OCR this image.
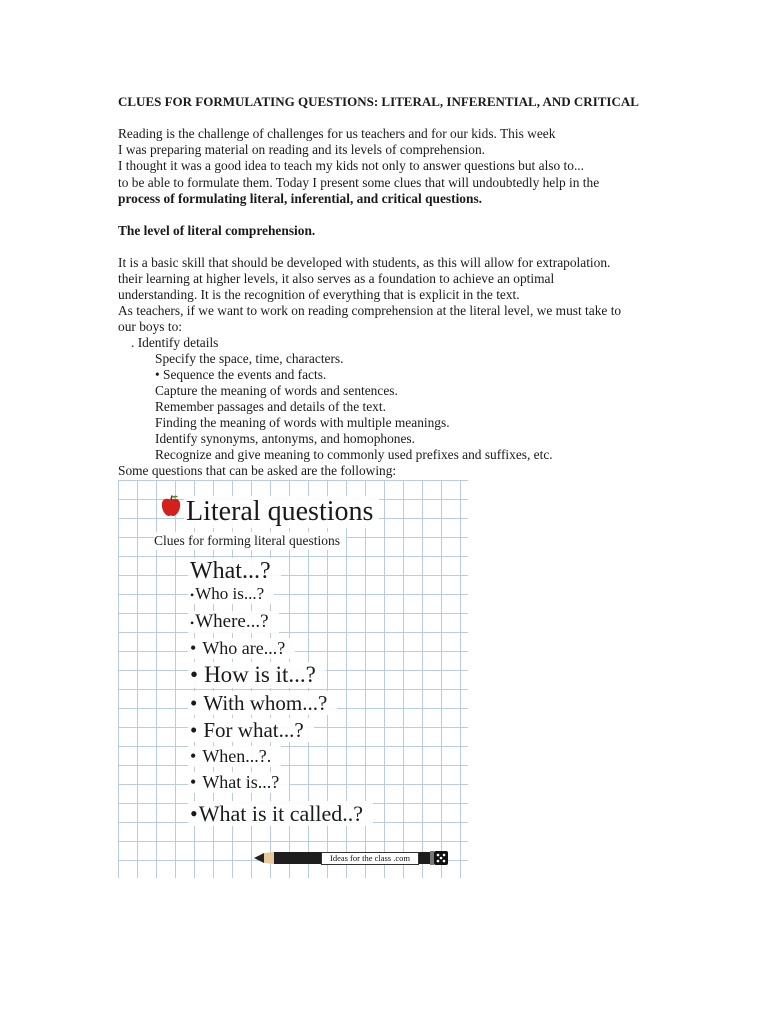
CLUES FOR FORMULATING QUESTIONS: LITERAL, INFERENTIAL, AND CRITICAL
Reading is the challenge of challenges for us teachers and for our kids. This week
I was preparing material on reading and its levels of comprehension.
I thought it was a good idea to teach my kids not only to answer questions but also to...
to be able to formulate them. Today I present some clues that will undoubtedly help in the
process of formulating literal, inferential, and critical questions.
The level of literal comprehension.
It is a basic skill that should be developed with students, as this will allow for extrapolation.
their learning at higher levels, it also serves as a foundation to achieve an optimal
understanding. It is the recognition of everything that is explicit in the text.
As teachers, if we want to work on reading comprehension at the literal level, we must take to
our boys to:
. Identify details
Specify the space, time, characters.
• Sequence the events and facts.
Capture the meaning of words and sentences.
Remember passages and details of the text.
Finding the meaning of words with multiple meanings.
Identify synonyms, antonyms, and homophones.
Recognize and give meaning to commonly used prefixes and suffixes, etc.
Some questions that can be asked are the following:
Literal questions
Clues for forming literal questions
What...?
•Who is...?
•Where...?
• Who are...?
• How is it...?
• With whom...?
• For what...?
• When...?.
• What is...?
•What is it called..?
Ideas for the class .com
